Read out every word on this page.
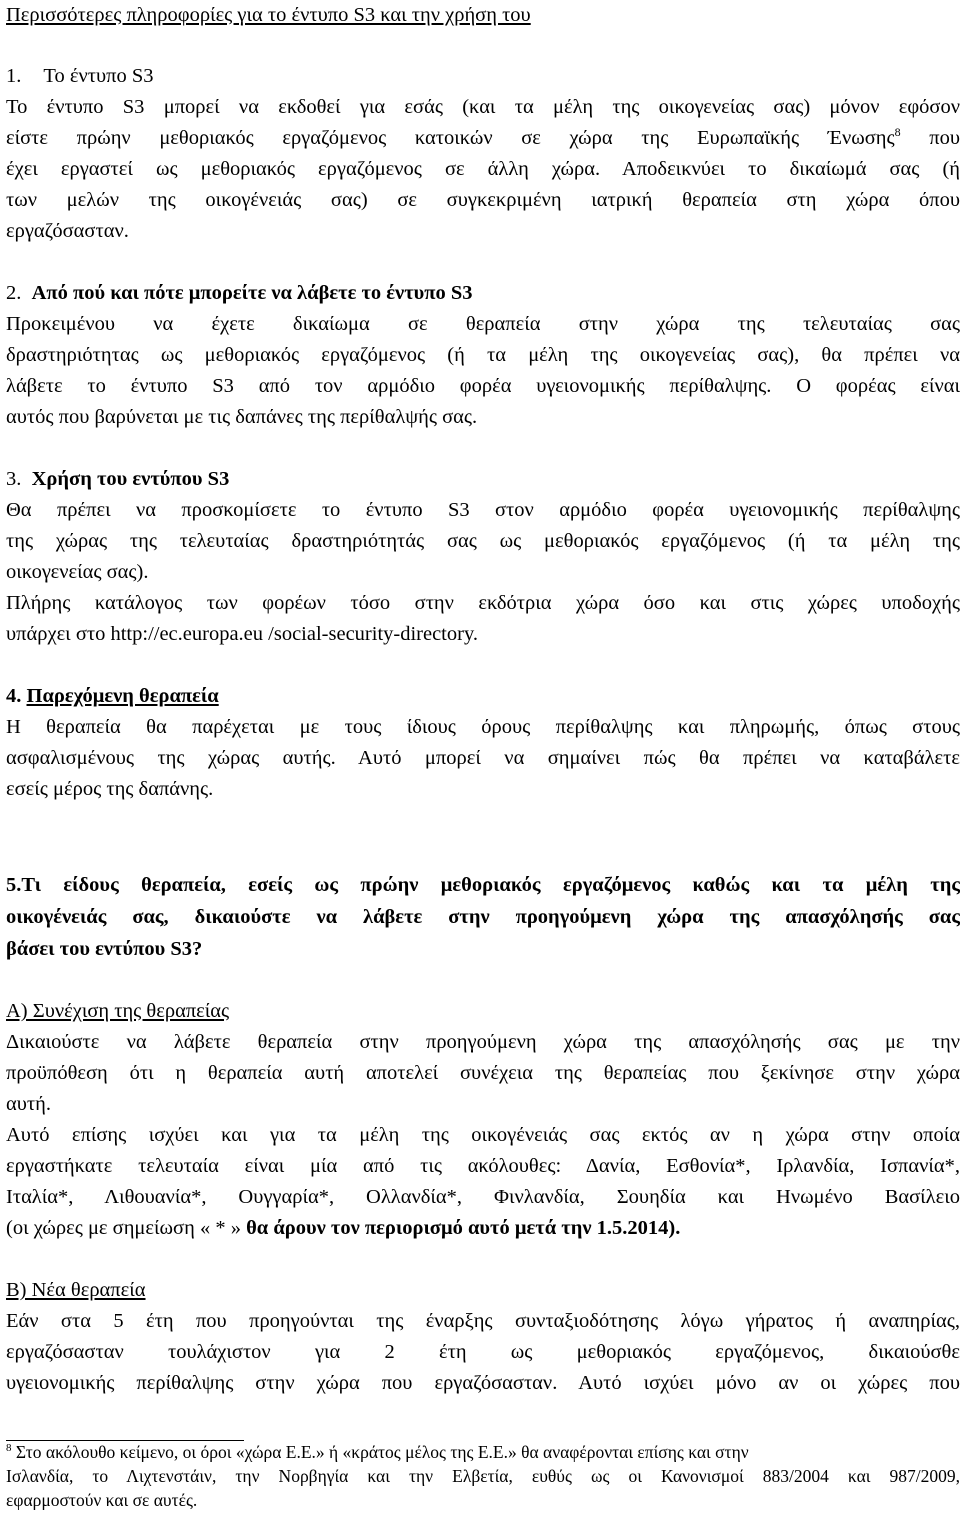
Περισσότερες πληροφορίες για το έντυπο S3 και την χρήση του
1. Το έντυπο S3
Το έντυπο S3 μπορεί να εκδοθεί για εσάς (και τα μέλη της οικογενείας σας) μόνον εφόσον
είστε πρώην μεθοριακός εργαζόμενος κατοικών σε χώρα της Ευρωπαϊκής Ένωσης$^8$ που
έχει εργαστεί ως μεθοριακός εργαζόμενος σε άλλη χώρα. Αποδεικνύει το δικαίωμά σας (ή
των μελών της οικογένειάς σας) σε συγκεκριμένη ιατρική θεραπεία στη χώρα όπου
εργαζόσασταν.
2. Από πού και πότε μπορείτε να λάβετε το έντυπο S3
Προκειμένου να έχετε δικαίωμα σε θεραπεία στην χώρα της τελευταίας σας
δραστηριότητας ως μεθοριακός εργαζόμενος (ή τα μέλη της οικογενείας σας), θα πρέπει να
λάβετε το έντυπο S3 από τον αρμόδιο φορέα υγειονομικής περίθαλψης. Ο φορέας είναι
αυτός που βαρύνεται με τις δαπάνες της περίθαλψής σας.
3. Χρήση του εντύπου S3
Θα πρέπει να προσκομίσετε το έντυπο S3 στον αρμόδιο φορέα υγειονομικής περίθαλψης
της χώρας της τελευταίας δραστηριότητάς σας ως μεθοριακός εργαζόμενος (ή τα μέλη της
οικογενείας σας).
Πλήρης κατάλογος των φορέων τόσο στην εκδότρια χώρα όσο και στις χώρες υποδοχής
υπάρχει στο http://ec.europa.eu /social-security-directory.
4. Παρεχόμενη θεραπεία
Η θεραπεία θα παρέχεται με τους ίδιους όρους περίθαλψης και πληρωμής, όπως στους
ασφαλισμένους της χώρας αυτής. Αυτό μπορεί να σημαίνει πώς θα πρέπει να καταβάλετε
εσείς μέρος της δαπάνης.
5.Τι είδους θεραπεία, εσείς ως πρώην μεθοριακός εργαζόμενος καθώς και τα μέλη της
οικογένειάς σας, δικαιούστε να λάβετε στην προηγούμενη χώρα της απασχόλησής σας
βάσει του εντύπου S3?
Α) Συνέχιση της θεραπείας
Δικαιούστε να λάβετε θεραπεία στην προηγούμενη χώρα της απασχόλησής σας με την
προϋπόθεση ότι η θεραπεία αυτή αποτελεί συνέχεια της θεραπείας που ξεκίνησε στην χώρα
αυτή.
Αυτό επίσης ισχύει και για τα μέλη της οικογένειάς σας εκτός αν η χώρα στην οποία
εργαστήκατε τελευταία είναι μία από τις ακόλουθες: Δανία, Εσθονία*, Ιρλανδία, Ισπανία*,
Ιταλία*, Λιθουανία*, Ουγγαρία*, Ολλανδία*, Φινλανδία, Σουηδία και Ηνωμένο Βασίλειο
(οι χώρες με σημείωση « * » θα άρουν τον περιορισμό αυτό μετά την 1.5.2014).
Β) Νέα θεραπεία
Εάν στα 5 έτη που προηγούνται της έναρξης συνταξιοδότησης λόγω γήρατος ή αναπηρίας,
εργαζόσασταν τουλάχιστον για 2 έτη ως μεθοριακός εργαζόμενος, δικαιούσθε
υγειονομικής περίθαλψης στην χώρα που εργαζόσασταν. Αυτό ισχύει μόνο αν οι χώρες που
$^8$ Στο ακόλουθο κείμενο, οι όροι «χώρα Ε.Ε.» ή «κράτος μέλος της Ε.Ε.» θα αναφέρονται επίσης και στην
Ισλανδία, το Λιχτενστάιν, την Νορβηγία και την Ελβετία, ευθύς ως οι Κανονισμοί 883/2004 και 987/2009,
εφαρμοστούν και σε αυτές.
